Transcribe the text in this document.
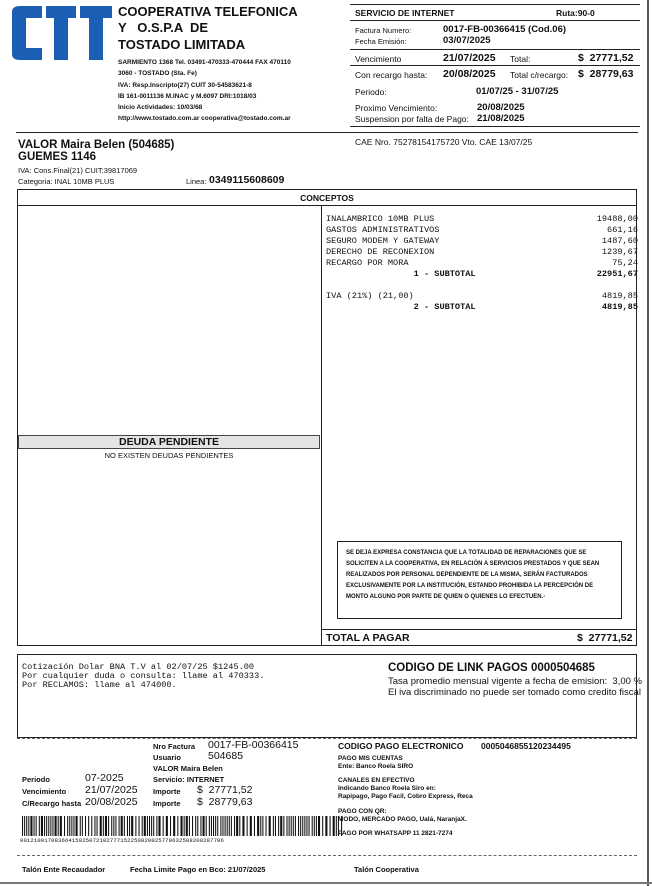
COOPERATIVA TELEFONICA
Y   O.S.P.A  DE
TOSTADO LIMITADA
SARMIENTO 1368 Tel. 03491-470333-470444 FAX 470110
3060 - TOSTADO (Sta. Fe)
IVA: Resp.Inscripto(27) CUIT 30-54583621-8
IB 161-0011136 M.INAC y M.6097 DRI:1018/03
Inicio Actividades: 10/03/68
http://www.tostado.com.ar cooperativa@tostado.com.ar
SERVICIO DE INTERNET	Ruta:90-0
Factura Numero:	0017-FB-00366415 (Cod.06)
Fecha Emisión:	03/07/2025
Vencimiento	21/07/2025 Total:	$  27771,52
Con recargo hasta: 20/08/2025 Total c/recargo: $  28779,63
Periodo:	01/07/25 - 31/07/25
Proximo Vencimiento:	20/08/2025
Suspension por falta de Pago: 21/08/2025
VALOR Maira Belen (504685)
GUEMES 1146
IVA: Cons.Final(21) CUIT:39817069
Categoria: INAL 10MB PLUS	Linea: 0349115608609
CAE Nro. 75278154175720 Vto. CAE 13/07/25
CONCEPTOS
INALAMBRICO 10MB PLUS	19488,00
GASTOS ADMINISTRATIVOS	661,16
SEGURO MODEM Y GATEWAY	1487,60
DERECHO DE RECONEXION	1239,67
RECARGO POR MORA	75,24
1 - SUBTOTAL	22951,67
IVA (21%) (21,00)	4819,85
2 - SUBTOTAL	4819,85
DEUDA PENDIENTE
NO EXISTEN DEUDAS PENDIENTES
SE DEJA EXPRESA CONSTANCIA QUE LA TOTALIDAD DE REPARACIONES QUE SE SOLICITEN A LA COOPERATIVA, EN RELACIÓN A SERVICIOS PRESTADOS Y QUE SEAN REALIZADOS POR PERSONAL DEPENDIENTE DE LA MISMA, SERÁN FACTURADOS EXCLUSIVAMENTE POR LA INSTITUCIÓN, ESTANDO PROHIBIDA LA PERCEPCIÓN DE MONTO ALGUNO POR PARTE DE QUIEN O QUIENES LO EFECTUEN.-
TOTAL A PAGAR	$  27771,52
Cotización Dolar BNA T.V al 02/07/25 $1245.00
Por cualquier duda o consulta: llame al 470333.
Por RECLAMOS: llame al 474000.
CODIGO DE LINK PAGOS 0000504685
Tasa promedio mensual vigente a fecha de emision:  3,00 %
El iva discriminado no puede ser tomado como credito fiscal
Nro Factura 0017-FB-00366415
Usuario	504685
VALOR Maira Belen
Servicio: INTERNET
Periodo	07-2025
Vencimiento 21/07/2025 Importe $  27771,52
C/Recargo hasta 20/08/2025 Importe $  28779,63
00121001708366415025072102777152250820025779632508200287796
CODIGO PAGO ELECTRONICO 0005046855120234495
PAGO MIS CUENTAS
Ente: Banco Roela SIRO
CANALES EN EFECTIVO
Indicando Banco Roela Siro en:
Rapipago, Pago Facil, Cobro Express, Reca
PAGO CON QR:
MODO, MERCADO PAGO, Ualá, NaranjaX.
PAGO POR WHATSAPP 11 2821-7274
Talón Ente Recaudador	Fecha Limite Pago en Bco: 21/07/2025	Talón Cooperativa
